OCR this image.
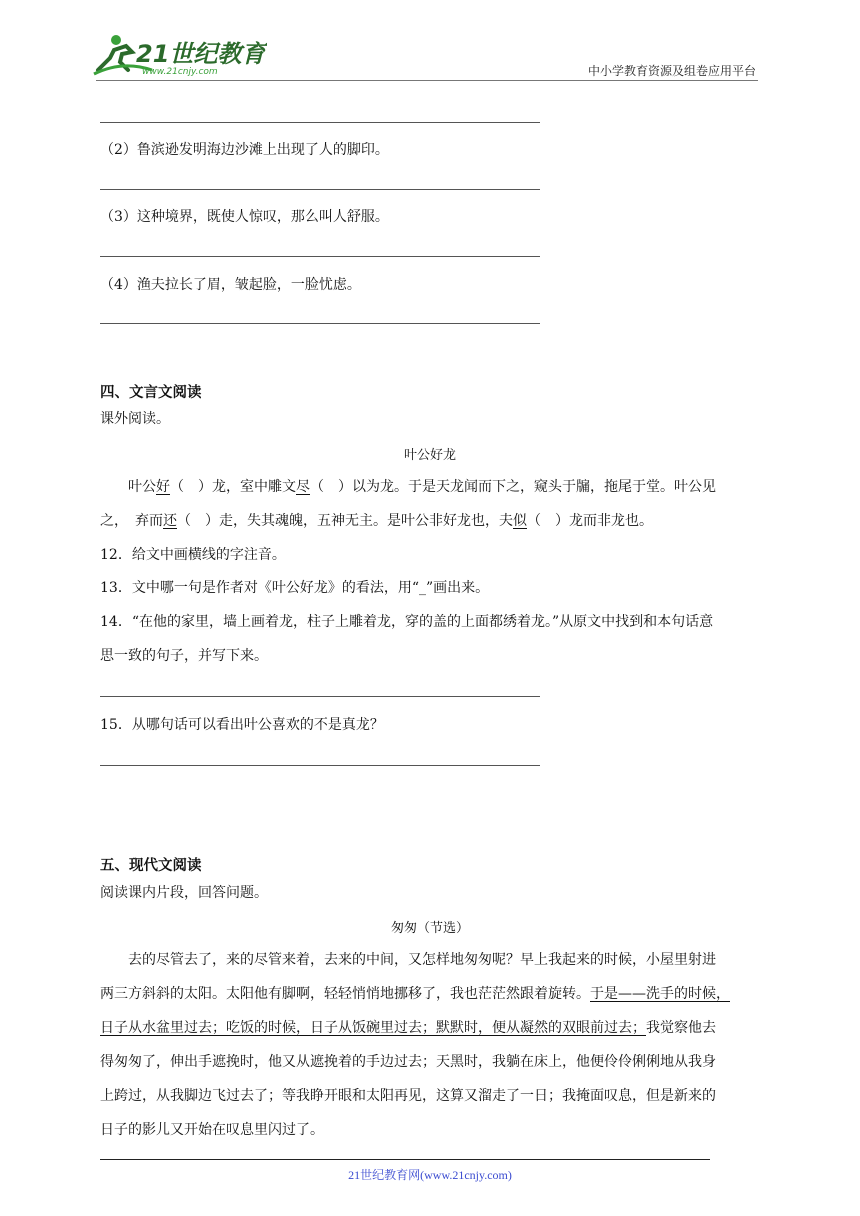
21世纪教育
www.21cnjy.com	中小学教育资源及组卷应用平台
（2）鲁滨逊发明海边沙滩上出现了人的脚印。
（3）这种境界，既使人惊叹，那么叫人舒服。
（4）渔夫拉长了眉，皱起脸，一脸忧虑。
四、文言文阅读
课外阅读。
叶公好龙
叶公好（　）龙，室中雕文尽（　）以为龙。于是天龙闻而下之，窥头于牖，拖尾于堂。叶公见
之，　弃而还（　）走，失其魂魄，五神无主。是叶公非好龙也，夫似（　）龙而非龙也。
12．给文中画横线的字注音。
13．文中哪一句是作者对《叶公好龙》的看法，用“_”画出来。
14．“在他的家里，墙上画着龙，柱子上雕着龙，穿的盖的上面都绣着龙。”从原文中找到和本句话意
思一致的句子，并写下来。
15．从哪句话可以看出叶公喜欢的不是真龙？
五、现代文阅读
阅读课内片段，回答问题。
匆匆（节选）
去的尽管去了，来的尽管来着，去来的中间，又怎样地匆匆呢？早上我起来的时候，小屋里射进
两三方斜斜的太阳。太阳他有脚啊，轻轻悄悄地挪移了，我也茫茫然跟着旋转。于是——洗手的时候，
日子从水盆里过去；吃饭的时候，日子从饭碗里过去；默默时，便从凝然的双眼前过去；我觉察他去
得匆匆了，伸出手遮挽时，他又从遮挽着的手边过去；天黑时，我躺在床上，他便伶伶俐俐地从我身
上跨过，从我脚边飞过去了；等我睁开眼和太阳再见，这算又溜走了一日；我掩面叹息，但是新来的
日子的影儿又开始在叹息里闪过了。
21世纪教育网(www.21cnjy.com)
